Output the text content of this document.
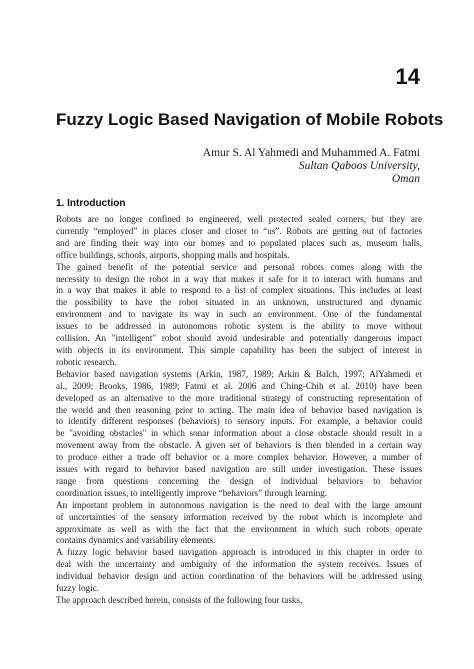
14
Fuzzy Logic Based Navigation of Mobile Robots
Amur S. Al Yahmedi and Muhammed A. Fatmi
Sultan Qaboos University,
Oman
1. Introduction
Robots are no longer confined to engineered, well protected sealed corners, but they are
currently “employed” in places closer and closer to “us”. Robots are getting out of factories
and are finding their way into our homes and to populated places such as, museum halls,
office buildings, schools, airports, shopping malls and hospitals.
The gained benefit of the potential service and personal robots comes along with the
necessity to design the robot in a way that makes it safe for it to interact with humans and
in a way that makes it able to respond to a list of complex situations. This includes at least
the possibility to have the robot situated in an unknown, unstructured and dynamic
environment and to navigate its way in such an environment. One of the fundamental
issues to be addressed in autonomous robotic system is the ability to move without
collision. An "intelligent" robot should avoid undesirable and potentially dangerous impact
with objects in its environment. This simple capability has been the subject of interest in
robotic research.
Behavior based navigation systems (Arkin, 1987, 1989; Arkin & Balch, 1997; AlYahmedi et
al., 2009; Brooks, 1986, 1989; Fatmi et al. 2006 and Ching-Chih et al. 2010) have been
developed as an alternative to the more traditional strategy of constructing representation of
the world and then reasoning prior to acting. The main idea of behavior based navigation is
to identify different responses (behaviors) to sensory inputs. For example, a behavior could
be "avoiding obstacles" in which sonar information about a close obstacle should result in a
movement away from the obstacle. A given set of behaviors is then blended in a certain way
to produce either a trade off behavior or a more complex behavior. However, a number of
issues with regard to behavior based navigation are still under investigation. These issues
range from questions concerning the design of individual behaviors to behavior
coordination issues, to intelligently improve “behaviors” through learning.
An important problem in autonomous navigation is the need to deal with the large amount
of uncertainties of the sensory information received by the robot which is incomplete and
approximate as well as with the fact that the environment in which such robots operate
contains dynamics and variability elements.
A fuzzy logic behavior based navigation approach is introduced in this chapter in order to
deal with the uncertainty and ambiguity of the information the system receives. Issues of
individual behavior design and action coordination of the behaviors will be addressed using
fuzzy logic.
The approach described herein, consists of the following four tasks,
